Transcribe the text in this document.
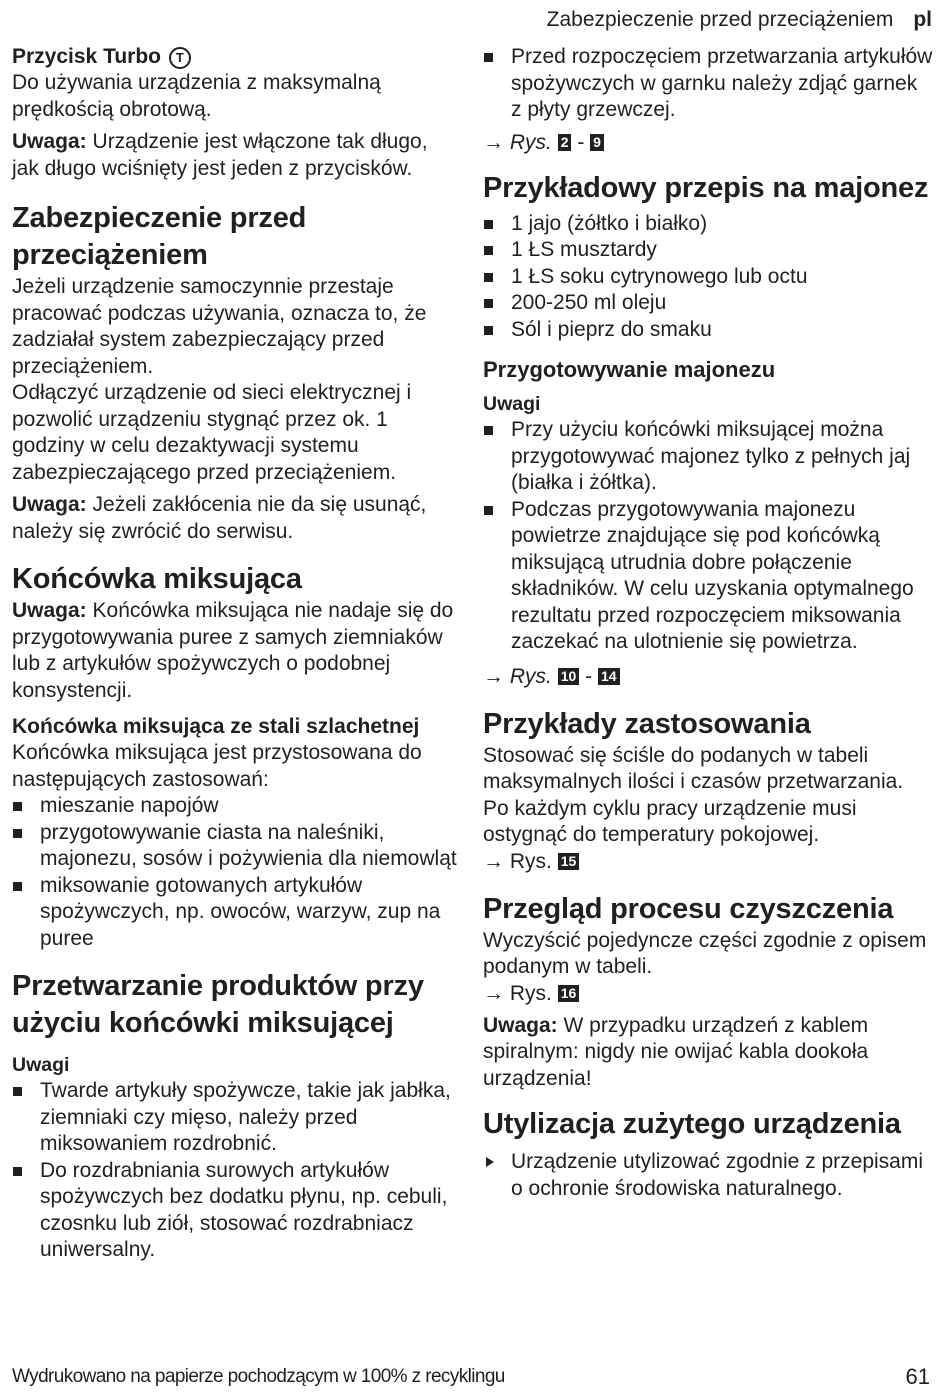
Zabezpieczenie przed przeciążeniem pl
Przycisk Turbo T

Do używania urządzenia z maksymalną prędkością obrotową.

Uwaga: Urządzenie jest włączone tak długo, jak długo wciśnięty jest jeden z przycisków.

Zabezpieczenie przed przeciążeniem

Jeżeli urządzenie samoczynnie przestaje pracować podczas używania, oznacza to, że zadziałał system zabezpieczający przed przeciążeniem.

Odłączyć urządzenie od sieci elektrycznej i pozwolić urządzeniu stygnąć przez ok. 1 godziny w celu dezaktywacji systemu zabezpieczającego przed przeciążeniem.

Uwaga: Jeżeli zakłócenia nie da się usunąć, należy się zwrócić do serwisu.

Końcówka miksująca

Uwaga: Końcówka miksująca nie nadaje się do przygotowywania puree z samych ziemniaków lub z artykułów spożywczych o podobnej konsystencji.

Końcówka miksująca ze stali szlachetnej

Końcówka miksująca jest przystosowana do następujących zastosowań:

mieszanie napojów
przygotowywanie ciasta na naleśniki, majonezu, sosów i pożywienia dla niemowląt
miksowanie gotowanych artykułów spożywczych, np. owoców, warzyw, zup na puree
Przetwarzanie produktów przy użyciu końcówki miksującej
Uwagi
Twarde artykuły spożywcze, takie jak jabłka, ziemniaki czy mięso, należy przed miksowaniem rozdrobnić.
Do rozdrabniania surowych artykułów spożywczych bez dodatku płynu, np. cebuli, czosnku lub ziół, stosować rozdrabniacz uniwersalny.
Przed rozpoczęciem przetwarzania artykułów spożywczych w garnku należy zdjąć garnek z płyty grzewczej.
→ Rys. 2 - 9
Przykładowy przepis na majonez
1 jajo (żółtko i białko)
1 ŁS musztardy
1 ŁS soku cytrynowego lub octu
200-250 ml oleju
Sól i pieprz do smaku
Przygotowywanie majonezu
Uwagi
Przy użyciu końcówki miksującej można przygotowywać majonez tylko z pełnych jaj (białka i żółtka).
Podczas przygotowywania majonezu powietrze znajdujące się pod końcówką miksującą utrudnia dobre połączenie składników. W celu uzyskania optymalnego rezultatu przed rozpoczęciem miksowania zaczekać na ulotnienie się powietrza.
→ Rys. 10 - 14
Przykłady zastosowania

Stosować się ściśle do podanych w tabeli maksymalnych ilości i czasów przetwarzania.

Po każdym cyklu pracy urządzenie musi ostygnąć do temperatury pokojowej.

→ Rys. 15
Przegląd procesu czyszczenia

Wyczyścić pojedyncze części zgodnie z opisem podanym w tabeli.

→ Rys. 16

Uwaga: W przypadku urządzeń z kablem spiralnym: nigdy nie owijać kabla dookoła urządzenia!

Utylizacja zużytego urządzenia
Urządzenie utylizować zgodnie z przepisami o ochronie środowiska naturalnego.
Wydrukowano na papierze pochodzącym w 100% z recyklingu	61
